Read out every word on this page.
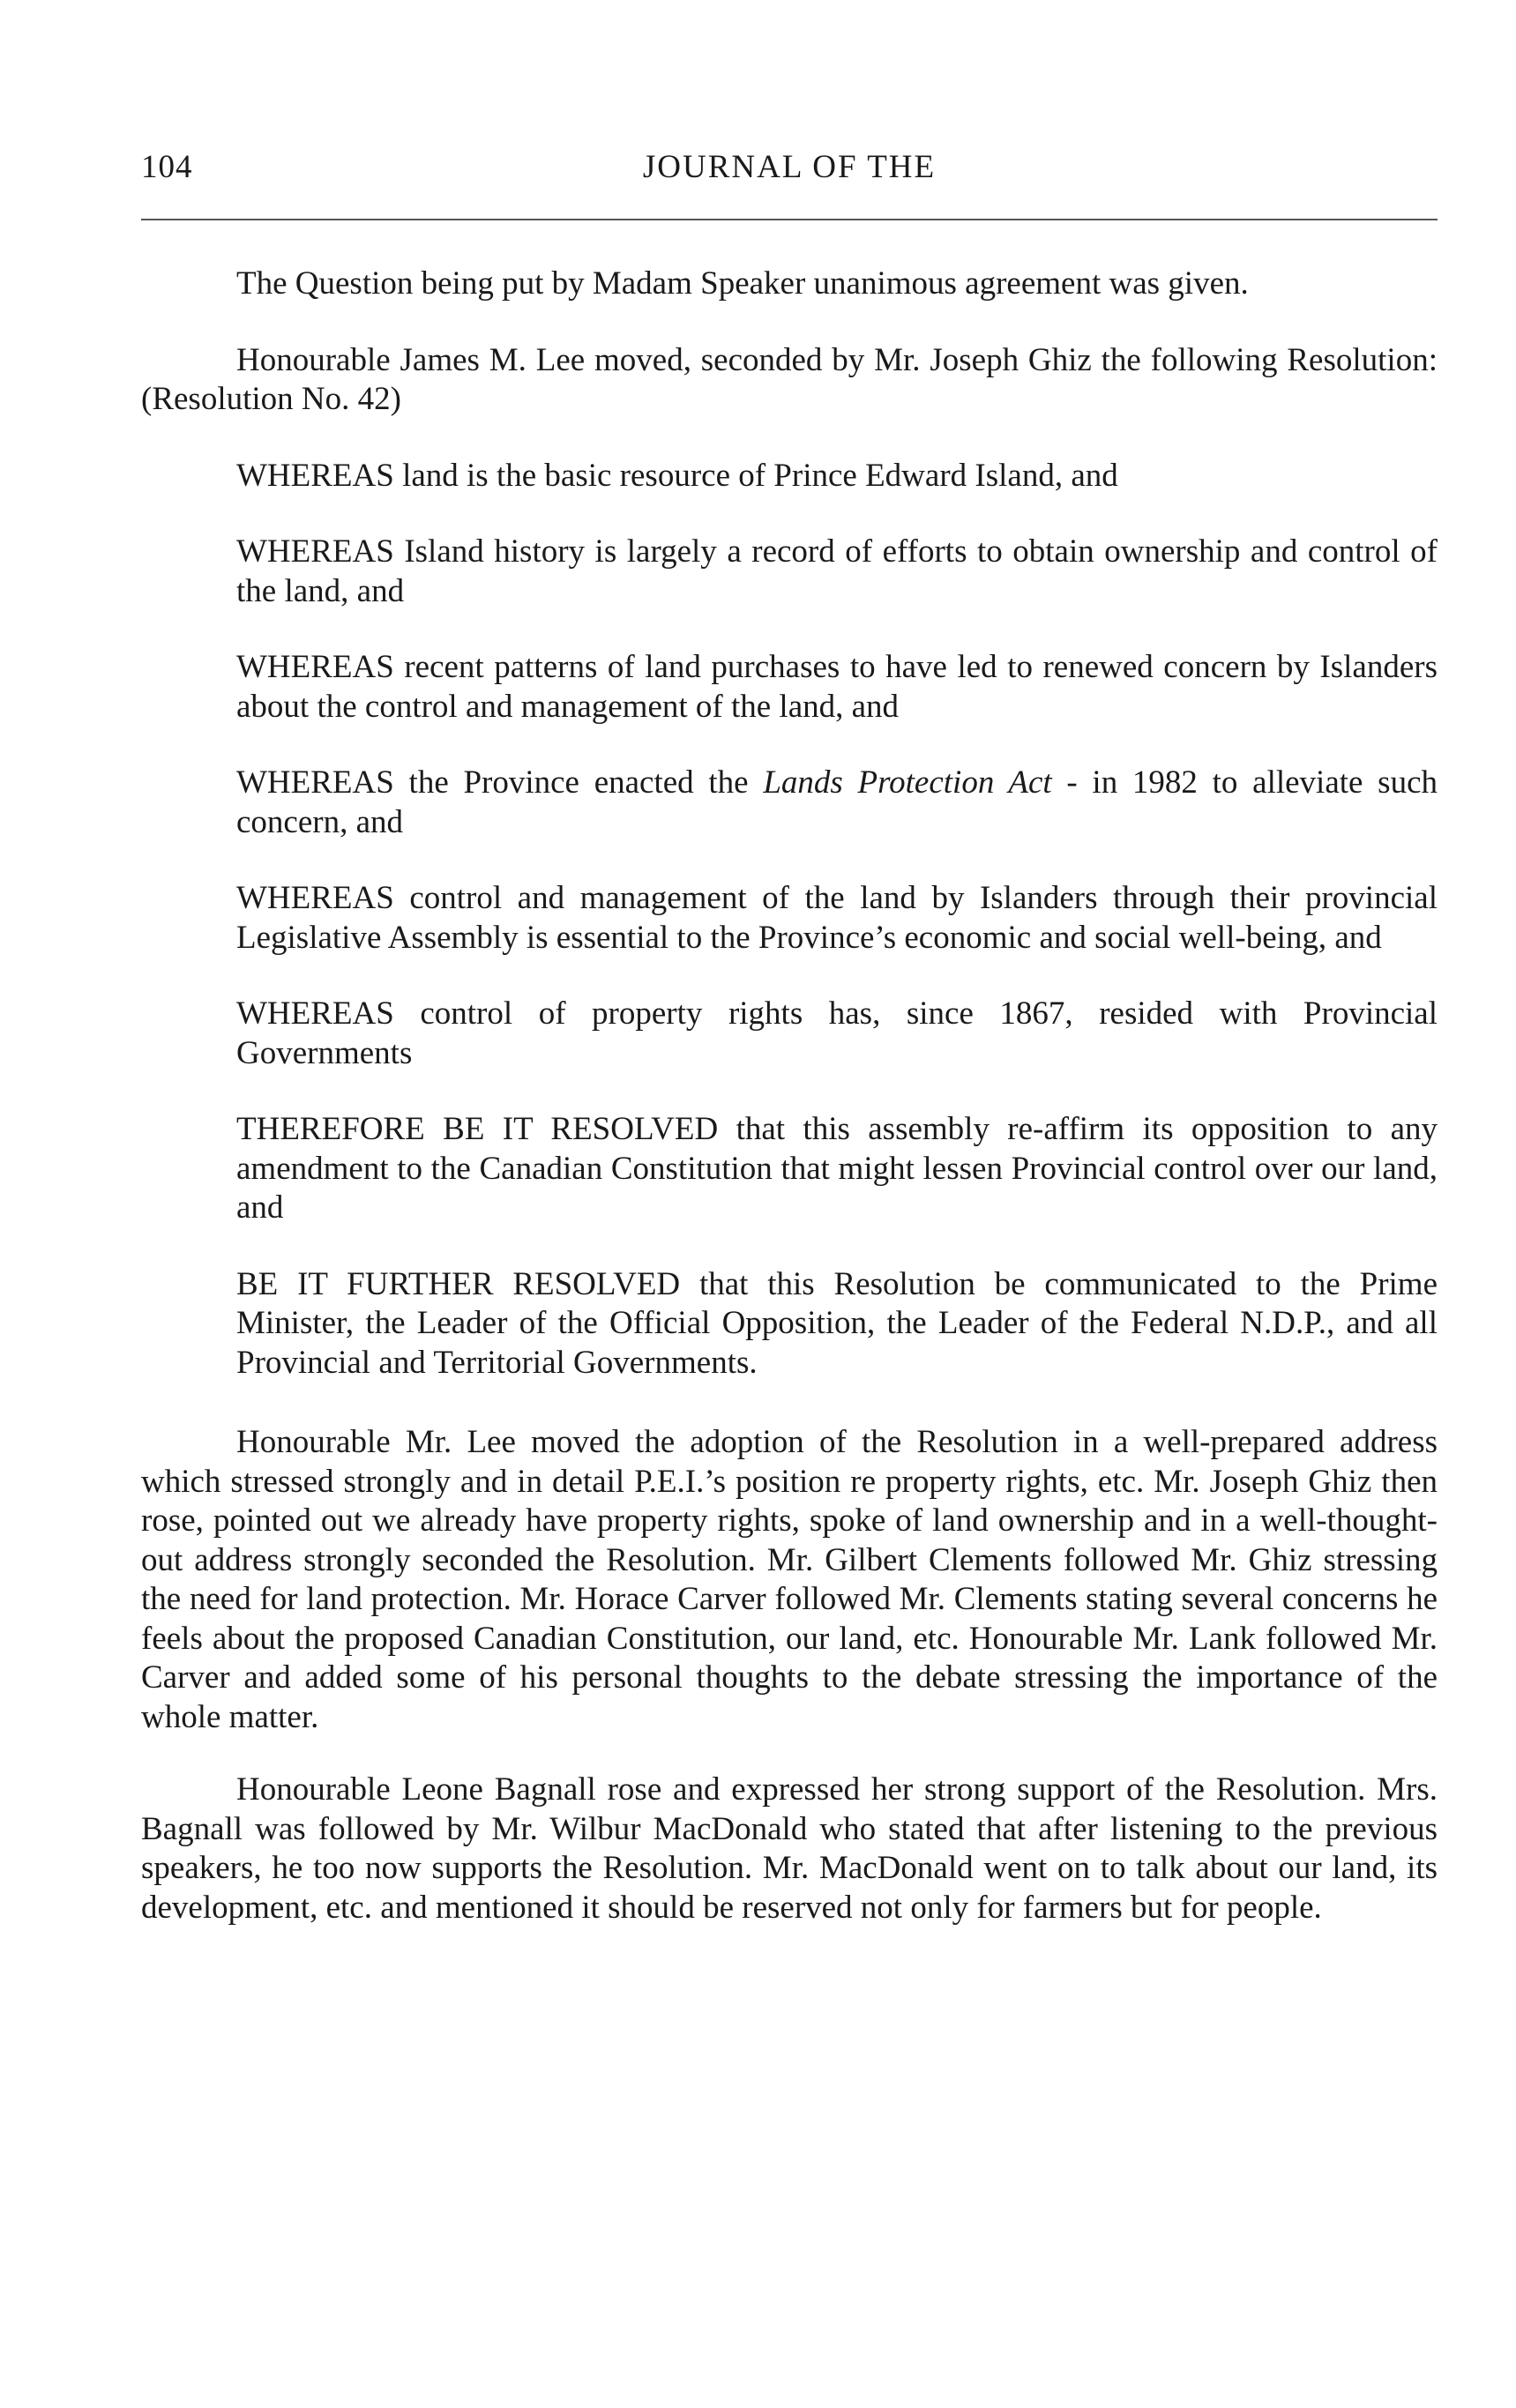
104	JOURNAL OF THE

The Question being put by Madam Speaker unanimous agreement was given.

Honourable James M. Lee moved, seconded by Mr. Joseph Ghiz the following Resolution: (Resolution No. 42)

WHEREAS land is the basic resource of Prince Edward Island, and

WHEREAS Island history is largely a record of efforts to obtain ownership and control of the land, and

WHEREAS recent patterns of land purchases to have led to renewed concern by Islanders about the control and management of the land, and

WHEREAS the Province enacted the Lands Protection Act - in 1982 to alleviate such concern, and

WHEREAS control and management of the land by Islanders through their provincial Legislative Assembly is essential to the Province’s economic and social well-being, and

WHEREAS control of property rights has, since 1867, resided with Provincial Governments

THEREFORE BE IT RESOLVED that this assembly re-affirm its opposition to any amendment to the Canadian Constitution that might lessen Provincial control over our land, and

BE IT FURTHER RESOLVED that this Resolution be communicated to the Prime Minister, the Leader of the Official Opposition, the Leader of the Federal N.D.P., and all Provincial and Territorial Governments.

Honourable Mr. Lee moved the adoption of the Resolution in a well-prepared address which stressed strongly and in detail P.E.I.’s position re property rights, etc. Mr. Joseph Ghiz then rose, pointed out we already have property rights, spoke of land ownership and in a well-thought-out address strongly seconded the Resolution. Mr. Gilbert Clements followed Mr. Ghiz stressing the need for land protection. Mr. Horace Carver followed Mr. Clements stating several concerns he feels about the proposed Canadian Constitution, our land, etc. Honourable Mr. Lank followed Mr. Carver and added some of his personal thoughts to the debate stressing the importance of the whole matter.

Honourable Leone Bagnall rose and expressed her strong support of the Resolution. Mrs. Bagnall was followed by Mr. Wilbur MacDonald who stated that after listening to the previous speakers, he too now supports the Resolution. Mr. MacDonald went on to talk about our land, its development, etc. and mentioned it should be reserved not only for farmers but for people.
